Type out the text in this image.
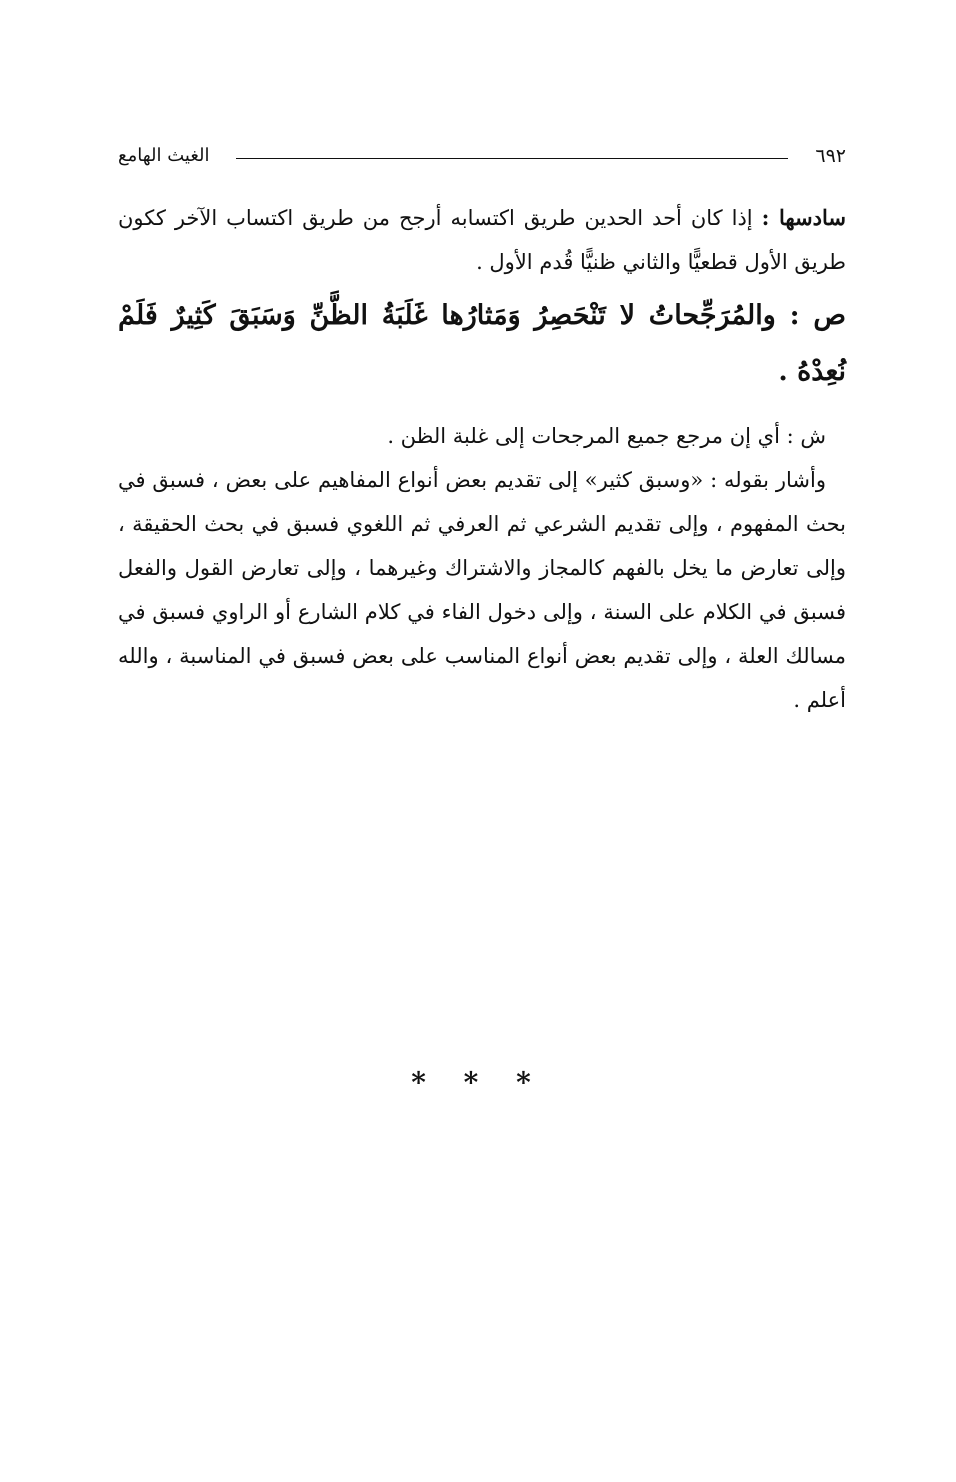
٦٩٢
الغيث الهامع

سادسها : إذا كان أحد الحدين طريق اكتسابه أرجح من طريق اكتساب الآخر ككون طريق الأول قطعيًّا والثاني ظنيًّا قُدم الأول .

ص : والمُرَجِّحاتُ لا تَنْحَصِرُ وَمَثارُها غَلَبَةُ الظَّنِّ وَسَبَقَ كَثِيرٌ فَلَمْ نُعِدْهُ .

ش : أي إن مرجع جميع المرجحات إلى غلبة الظن .

وأشار بقوله : «وسبق كثير» إلى تقديم بعض أنواع المفاهيم على بعض ، فسبق في بحث المفهوم ، وإلى تقديم الشرعي ثم العرفي ثم اللغوي فسبق في بحث الحقيقة ، وإلى تعارض ما يخل بالفهم كالمجاز والاشتراك وغيرهما ، وإلى تعارض القول والفعل فسبق في الكلام على السنة ، وإلى دخول الفاء في كلام الشارع أو الراوي فسبق في مسالك العلة ، وإلى تقديم بعض أنواع المناسب على بعض فسبق في المناسبة ، والله أعلم .

* * *
